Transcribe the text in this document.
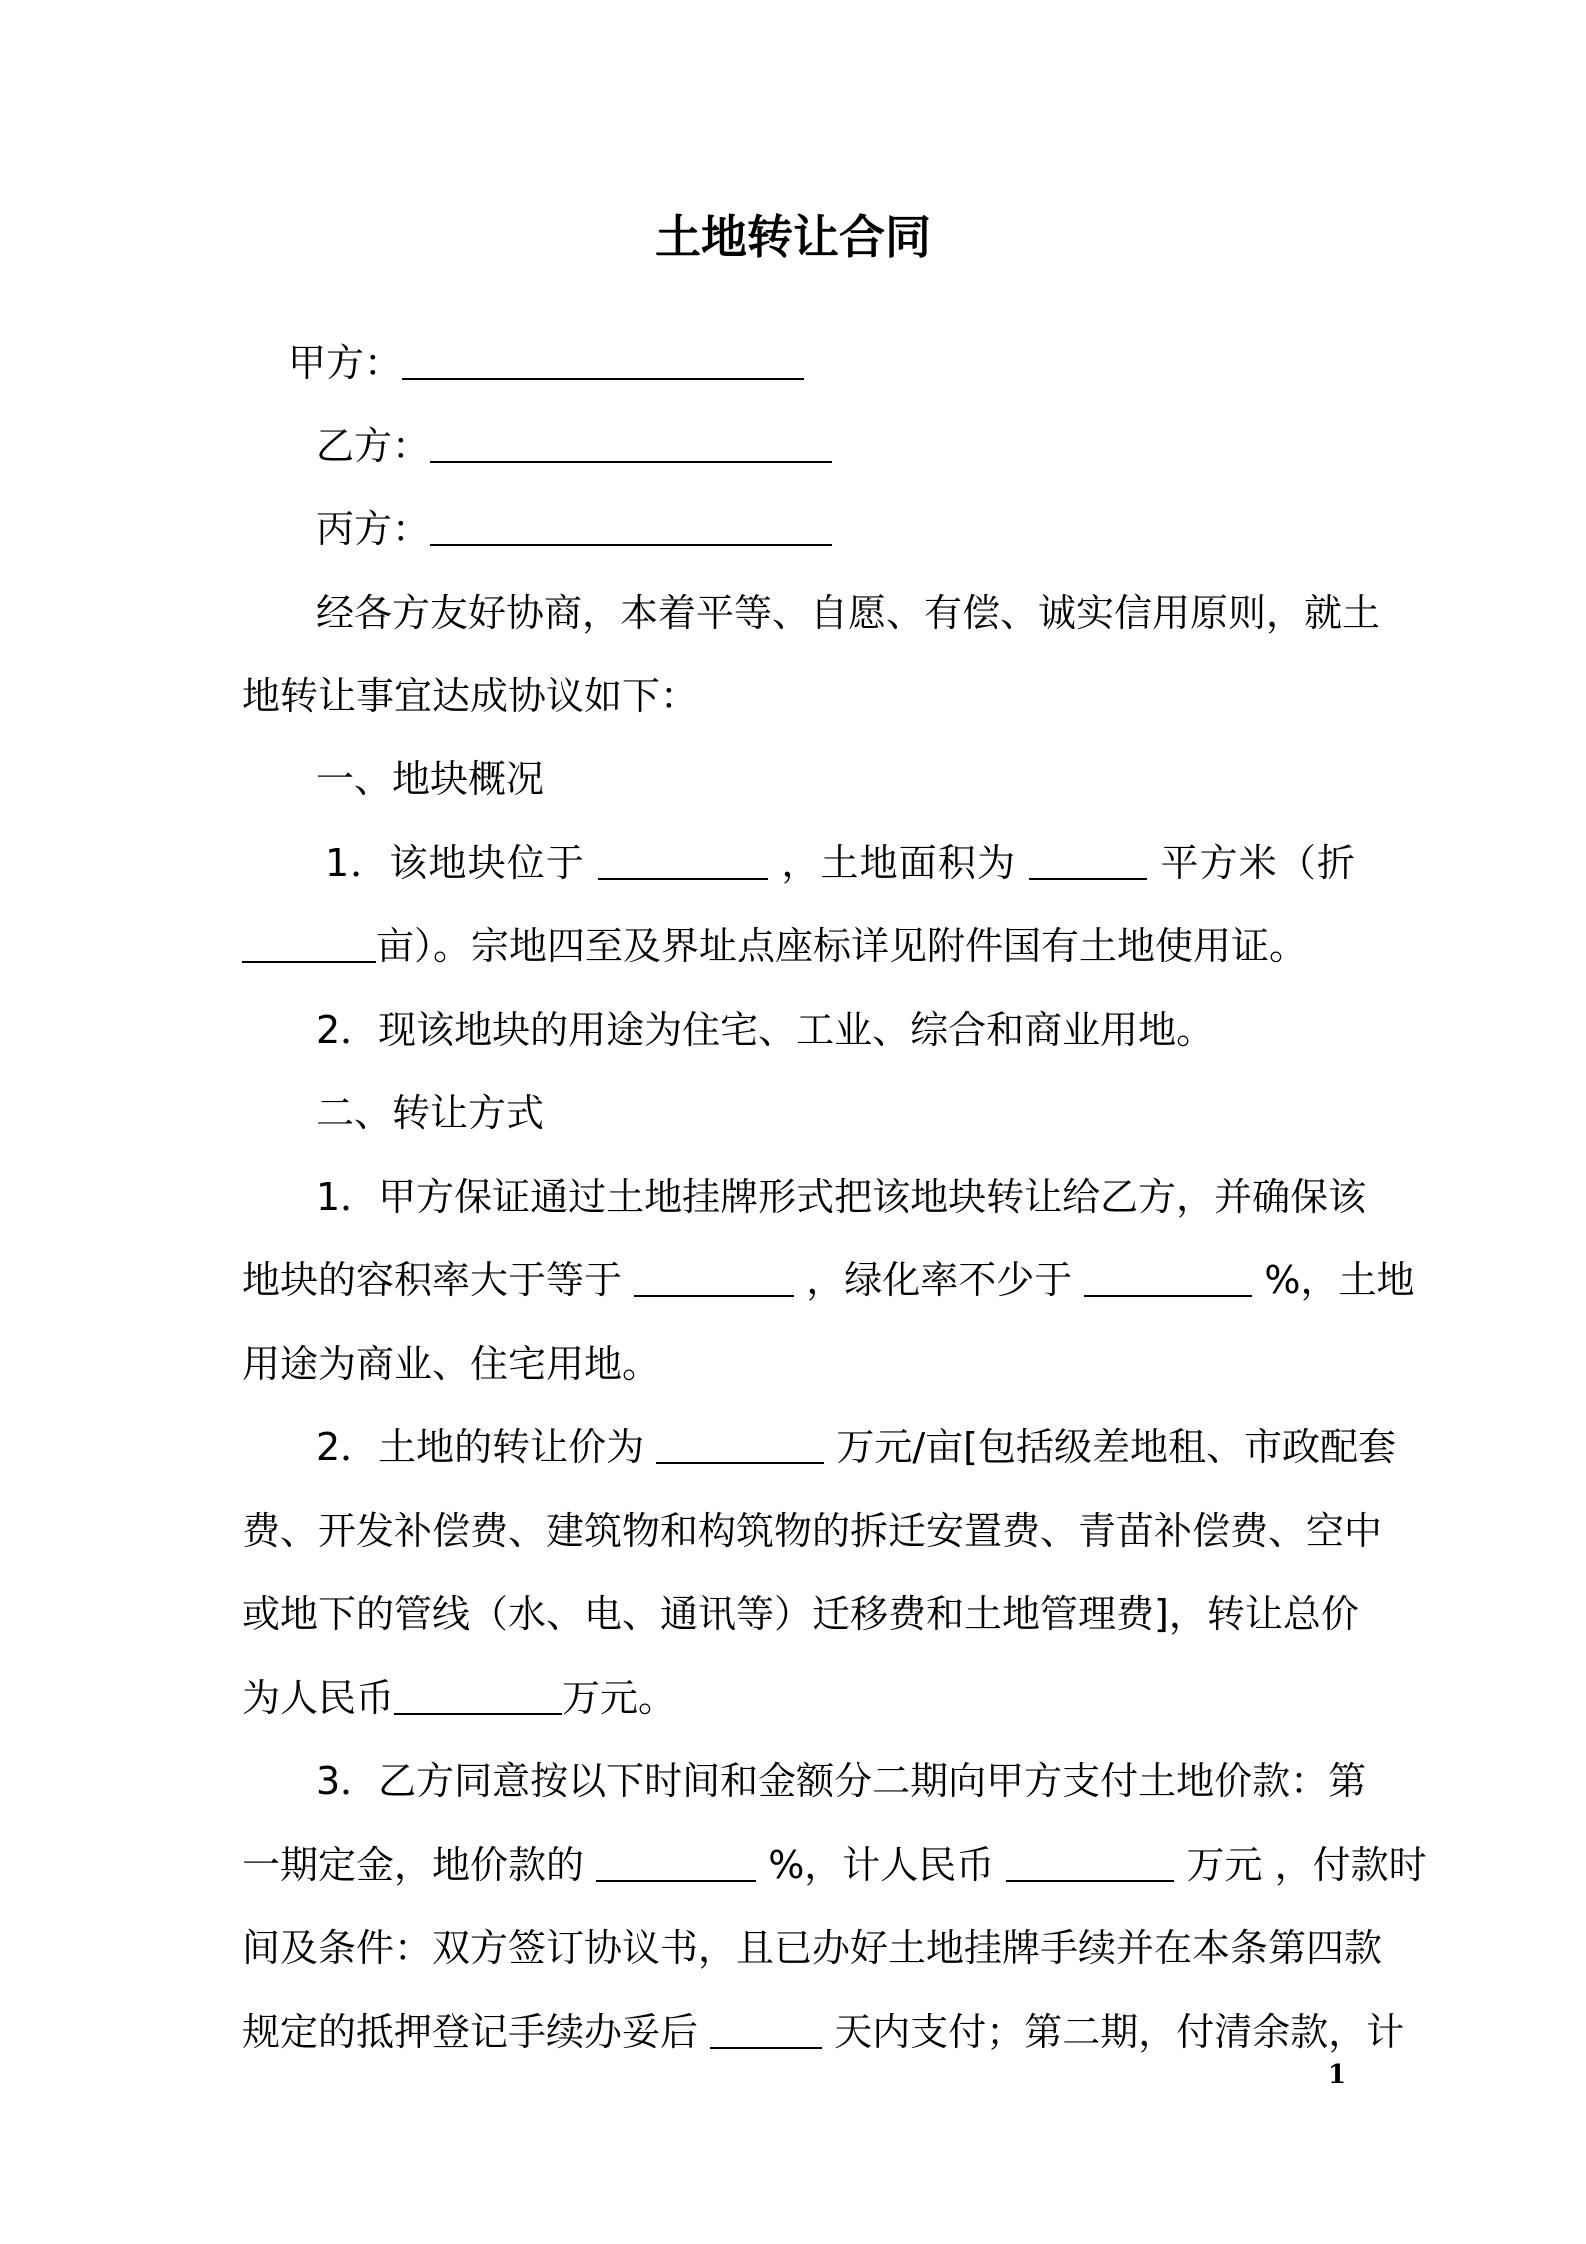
土地转让合同
甲方：
乙方：
丙方：
经各方友好协商，本着平等、自愿、有偿、诚实信用原则，就土
地转让事宜达成协议如下：
一、地块概况
1．该地块位于	，土地面积为	平方米（折
亩）。宗地四至及界址点座标详见附件国有土地使用证。
2．现该地块的用途为住宅、工业、综合和商业用地。
二、转让方式
1．甲方保证通过土地挂牌形式把该地块转让给乙方，并确保该
地块的容积率大于等于	，绿化率不少于	%，土地
用途为商业、住宅用地。
2．土地的转让价为	万元/亩[包括级差地租、市政配套
费、开发补偿费、建筑物和构筑物的拆迁安置费、青苗补偿费、空中
或地下的管线（水、电、通讯等）迁移费和土地管理费]，转让总价
为人民币	万元。
3．乙方同意按以下时间和金额分二期向甲方支付土地价款：第
一期定金，地价款的	%，计人民币	万元 ，付款时
间及条件：双方签订协议书，且已办好土地挂牌手续并在本条第四款
规定的抵押登记手续办妥后	天内支付；第二期，付清余款，计
1
